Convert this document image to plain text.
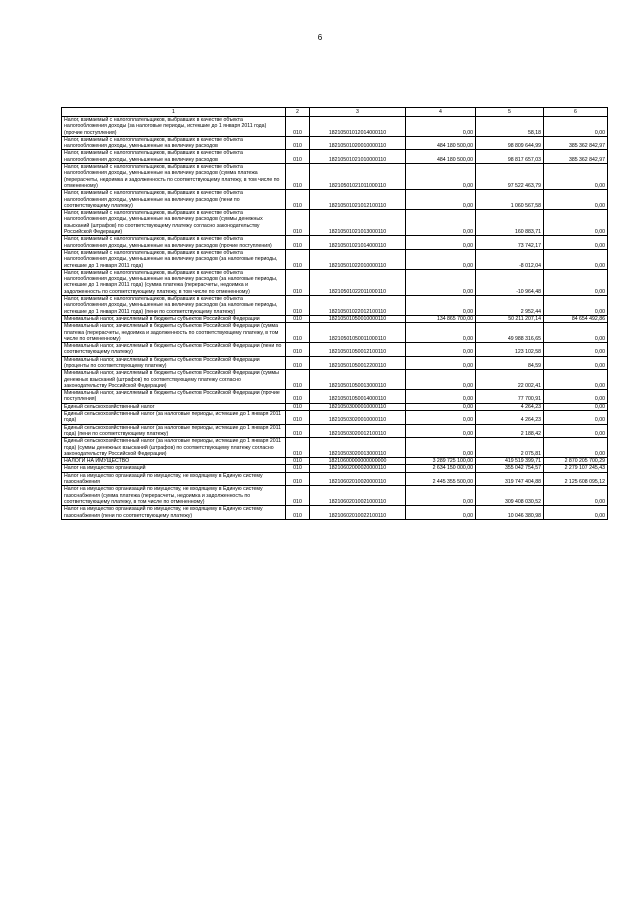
6
1	2	3	4	5	6
Налог, взимаемый с налогоплательщиков, выбравших в качестве объекта налогообложения доходы (за налоговые периоды, истекшие до 1 января 2011 года) (прочие поступления)	010	18210501012014000110	0,00	58,18	0,00
Налог, взимаемый с налогоплательщиков, выбравших в качестве объекта налогообложения доходы, уменьшенные на величину расходов	010	18210501020010000110	484 180 500,00	98 809 644,99	385 362 842,97
Налог, взимаемый с налогоплательщиков, выбравших в качестве объекта налогообложения доходы, уменьшенные на величину расходов	010	18210501021010000110	484 180 500,00	98 817 657,03	385 362 842,97
Налог, взимаемый с налогоплательщиков, выбравших в качестве объекта налогообложения доходы, уменьшенные на величину расходов (сумма платежа (перерасчеты, недоимка и задолженность по соответствующему платежу, в том числе по отмененному)	010	18210501021011000110	0,00	97 522 463,79	0,00
Налог, взимаемый с налогоплательщиков, выбравших в качестве объекта налогообложения доходы, уменьшенные на величину расходов (пени по соответствующему платежу)	010	18210501021012100110	0,00	1 060 567,58	0,00
Налог, взимаемый с налогоплательщиков, выбравших в качестве объекта налогообложения доходы, уменьшенные на величину расходов (суммы денежных взысканий (штрафов) по соответствующему платежу согласно законодательству Российской Федерации)	010	18210501021013000110	0,00	160 883,71	0,00
Налог, взимаемый с налогоплательщиков, выбравших в качестве объекта налогообложения доходы, уменьшенные на величину расходов (прочие поступления)	010	18210501021014000110	0,00	73 742,17	0,00
Налог, взимаемый с налогоплательщиков, выбравших в качестве объекта налогообложения доходы, уменьшенные на величину расходов (за налоговые периоды, истекшие до 1 января 2011 года)	010	18210501022010000110	0,00	-8 012,04	0,00
Налог, взимаемый с налогоплательщиков, выбравших в качестве объекта налогообложения доходы, уменьшенные на величину расходов (за налоговые периоды, истекшие до 1 января 2011 года) (сумма платежа (перерасчеты, недоимка и задолженность по соответствующему платежу, в том числе по отмененному)	010	18210501022011000110	0,00	-10 964,48	0,00
Налог, взимаемый с налогоплательщиков, выбравших в качестве объекта налогообложения доходы, уменьшенные на величину расходов (за налоговые периоды, истекшие до 1 января 2011 года) (пени по соответствующему платежу)	010	18210501022012100110	0,00	2 952,44	0,00
Минимальный налог, зачисляемый в бюджеты субъектов Российской Федерации	010	18210501050010000110	134 865 700,00	50 211 207,14	84 654 492,86
Минимальный налог, зачисляемый в бюджеты субъектов Российской Федерации (сумма платежа (перерасчеты, недоимка и задолженность по соответствующему платежу, в том числе по отмененному)	010	18210501050011000110	0,00	49 988 316,65	0,00
Минимальный налог, зачисляемый в бюджеты субъектов Российской Федерации (пени по соответствующему платежу)	010	18210501050012100110	0,00	123 102,58	0,00
Минимальный налог, зачисляемый в бюджеты субъектов Российской Федерации (проценты по соответствующему платежу)	010	18210501050012200110	0,00	84,59	0,00
Минимальный налог, зачисляемый в бюджеты субъектов Российской Федерации (суммы денежных взысканий (штрафов) по соответствующему платежу согласно законодательству Российской Федерации)	010	18210501050013000110	0,00	22 002,41	0,00
Минимальный налог, зачисляемый в бюджеты субъектов Российской Федерации (прочие поступления)	010	18210501050014000110	0,00	77 700,91	0,00
Единый сельскохозяйственный налог	010	18210503000010000110	0,00	4 264,23	0,00
Единый сельскохозяйственный налог (за налоговые периоды, истекшие до 1 января 2011 года)	010	18210503020010000110	0,00	4 264,23	0,00
Единый сельскохозяйственный налог (за налоговые периоды, истекшие до 1 января 2011 года) (пени по соответствующему платежу)	010	18210503020012100110	0,00	2 188,42	0,00
Единый сельскохозяйственный налог (за налоговые периоды, истекшие до 1 января 2011 года) (суммы денежных взысканий (штрафов) по соответствующему платежу согласно законодательству Российской Федерации)	010	18210503020013000110	0,00	2 075,81	0,00
НАЛОГИ НА ИМУЩЕСТВО	010	18210600000000000000	3 289 725 100,00	419 519 399,71	2 870 205 700,29
Налог на имущество организаций	010	18210602000020000110	2 634 150 000,00	355 042 754,57	2 279 107 245,43
Налог на имущество организаций по имуществу, не входящему в Единую систему газоснабжения	010	18210602010020000110	2 445 355 500,00	319 747 404,88	2 125 608 095,12
Налог на имущество организаций по имуществу, не входящему в Единую систему газоснабжения (сумма платежа (перерасчеты, недоимка и задолженность по соответствующему платежу, в том числе по отмененному)	010	18210602010021000110	0,00	309 408 030,52	0,00
Налог на имущество организаций по имуществу, не входящему в Единую систему газоснабжения (пени по соответствующему платежу)	010	18210602010022100110	0,00	10 046 380,98	0,00
